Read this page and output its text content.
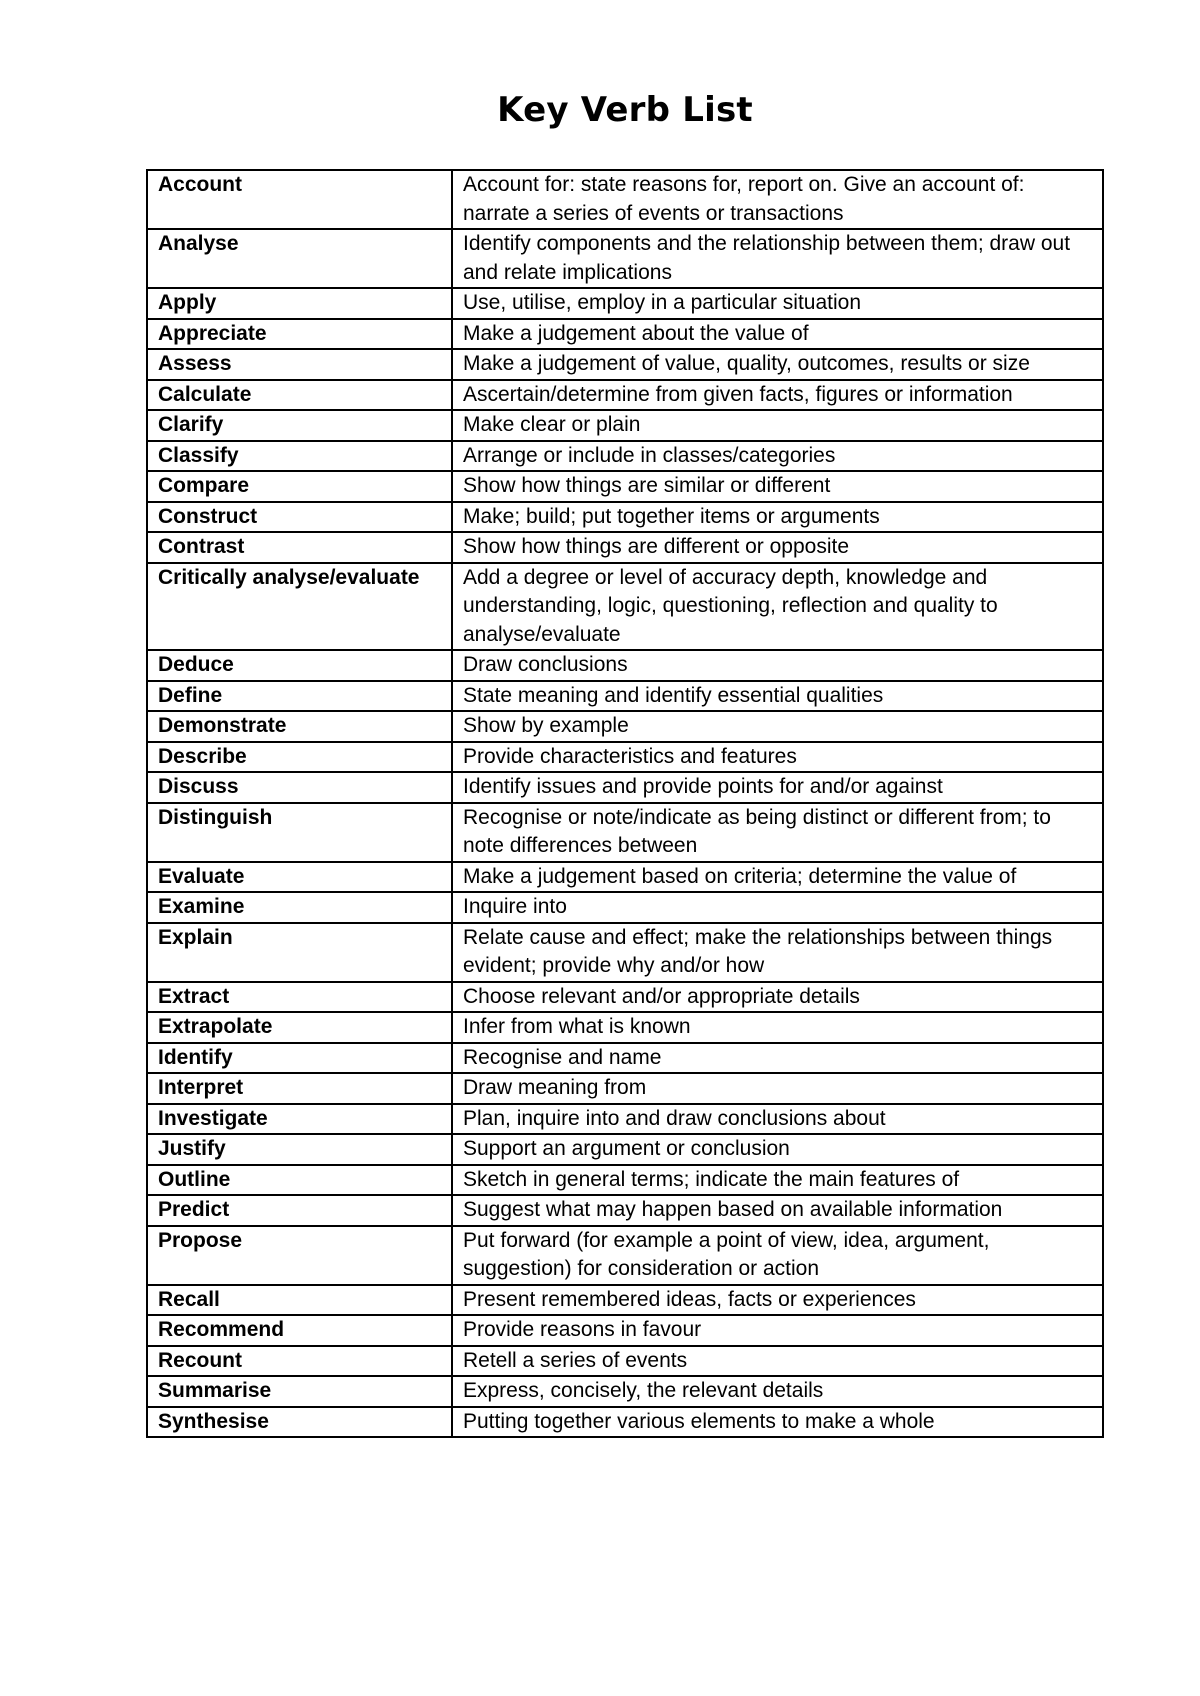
Key Verb List
Account	Account for: state reasons for, report on. Give an account of: narrate a series of events or transactions
Analyse	Identify components and the relationship between them; draw out and relate implications
Apply	Use, utilise, employ in a particular situation
Appreciate	Make a judgement about the value of
Assess	Make a judgement of value, quality, outcomes, results or size
Calculate	Ascertain/determine from given facts, figures or information
Clarify	Make clear or plain
Classify	Arrange or include in classes/categories
Compare	Show how things are similar or different
Construct	Make; build; put together items or arguments
Contrast	Show how things are different or opposite
Critically analyse/evaluate	Add a degree or level of accuracy depth, knowledge and understanding, logic, questioning, reflection and quality to analyse/evaluate
Deduce	Draw conclusions
Define	State meaning and identify essential qualities
Demonstrate	Show by example
Describe	Provide characteristics and features
Discuss	Identify issues and provide points for and/or against
Distinguish	Recognise or note/indicate as being distinct or different from; to note differences between
Evaluate	Make a judgement based on criteria; determine the value of
Examine	Inquire into
Explain	Relate cause and effect; make the relationships between things evident; provide why and/or how
Extract	Choose relevant and/or appropriate details
Extrapolate	Infer from what is known
Identify	Recognise and name
Interpret	Draw meaning from
Investigate	Plan, inquire into and draw conclusions about
Justify	Support an argument or conclusion
Outline	Sketch in general terms; indicate the main features of
Predict	Suggest what may happen based on available information
Propose	Put forward (for example a point of view, idea, argument, suggestion) for consideration or action
Recall	Present remembered ideas, facts or experiences
Recommend	Provide reasons in favour
Recount	Retell a series of events
Summarise	Express, concisely, the relevant details
Synthesise	Putting together various elements to make a whole
